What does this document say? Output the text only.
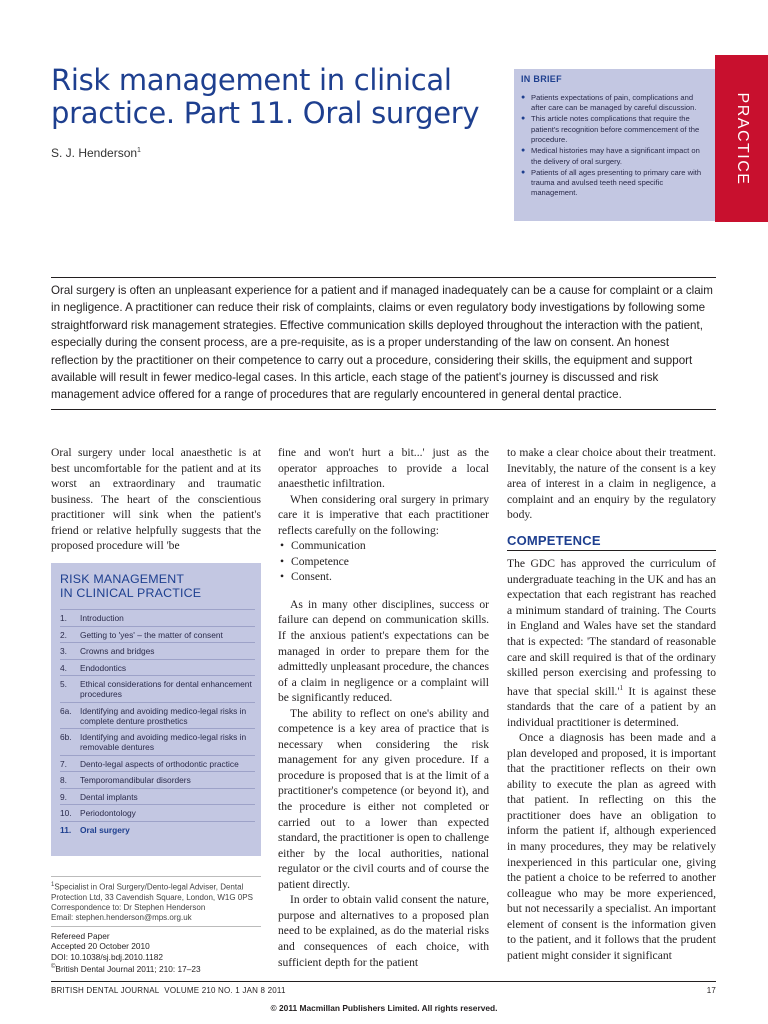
Risk management in clinical practice. Part 11. Oral surgery
S. J. Henderson$^1$
IN BRIEF
● Patients expectations of pain, complications and after care can be managed by careful discussion.
● This article notes complications that require the patient's recognition before commencement of the procedure.
● Medical histories may have a significant impact on the delivery of oral surgery.
● Patients of all ages presenting to primary care with trauma and avulsed teeth need specific management.
PRACTICE

Oral surgery is often an unpleasant experience for a patient and if managed inadequately can be a cause for complaint or a claim in negligence. A practitioner can reduce their risk of complaints, claims or even regulatory body investigations by following some straightforward risk management strategies. Effective communication skills deployed throughout the interaction with the patient, especially during the consent process, are a pre-requisite, as is a proper understanding of the law on consent. An honest reflection by the practitioner on their competence to carry out a procedure, considering their skills, the equipment and support available will result in fewer medico-legal cases. In this article, each stage of the patient's journey is discussed and risk management advice offered for a range of procedures that are regularly encountered in general dental practice.

Oral surgery under local anaesthetic is at best uncomfortable for the patient and at its worst an extraordinary and traumatic business. The heart of the conscientious practitioner will sink when the patient's friend or relative helpfully suggests that the proposed procedure will 'be

RISK MANAGEMENT
IN CLINICAL PRACTICE
1.	Introduction
2.	Getting to 'yes' – the matter of consent
3.	Crowns and bridges
4.	Endodontics
5.	Ethical considerations for dental enhancement procedures
6a. Identifying and avoiding medico-legal risks in complete denture prosthetics
6b. Identifying and avoiding medico-legal risks in removable dentures
7.	Dento-legal aspects of orthodontic practice
8.	Temporomandibular disorders
9.	Dental implants
10. Periodontology
11.	Oral surgery
$^1$Specialist in Oral Surgery/Dento-legal Adviser, Dental Protection Ltd, 33 Cavendish Square, London, W1G 0PS
Correspondence to: Dr Stephen Henderson
Email: stephen.henderson@mps.org.uk
Refereed Paper
Accepted 20 October 2010
DOI: 10.1038/sj.bdj.2010.1182
©British Dental Journal 2011; 210: 17–23

fine and won't hurt a bit...' just as the operator approaches to provide a local anaesthetic infiltration.

When considering oral surgery in primary care it is imperative that each practitioner reflects carefully on the following:

• Communication
• Competence
• Consent.

As in many other disciplines, success or failure can depend on communication skills. If the anxious patient's expectations can be managed in order to prepare them for the admittedly unpleasant procedure, the chances of a claim in negligence or a complaint will be significantly reduced.

The ability to reflect on one's ability and competence is a key area of practice that is necessary when considering the risk management for any given procedure. If a procedure is proposed that is at the limit of a practitioner's competence (or beyond it), and the procedure is either not completed or carried out to a lower than expected standard, the practitioner is open to challenge either by the local authorities, national regulator or the civil courts and of course the patient directly.

In order to obtain valid consent the nature, purpose and alternatives to a proposed plan need to be explained, as do the material risks and consequences of each choice, with sufficient depth for the patient

to make a clear choice about their treatment. Inevitably, the nature of the consent is a key area of interest in a claim in negligence, a complaint and an enquiry by the regulatory body.

COMPETENCE

The GDC has approved the curriculum of undergraduate teaching in the UK and has an expectation that each registrant has reached a minimum standard of training. The Courts in England and Wales have set the standard that is expected: 'The standard of reasonable care and skill required is that of the ordinary skilled person exercising and professing to have that special $skill.'^1$ It is against these standards that the care of a patient by an individual practitioner is determined.

Once a diagnosis has been made and a plan developed and proposed, it is important that the practitioner reflects on their own ability to execute the plan as agreed with that patient. In reflecting on this the practitioner does have an obligation to inform the patient if, although experienced in many procedures, they may be relatively inexperienced in this particular one, giving the patient a choice to be referred to another colleague who may be more experienced, but not necessarily a specialist. An important element of consent is the information given to the patient, and it follows that the prudent patient might consider it significant

BRITISH DENTAL JOURNAL VOLUME 210 NO. 1 JAN 8 2011	17
© 2011 Macmillan Publishers Limited. All rights reserved.
